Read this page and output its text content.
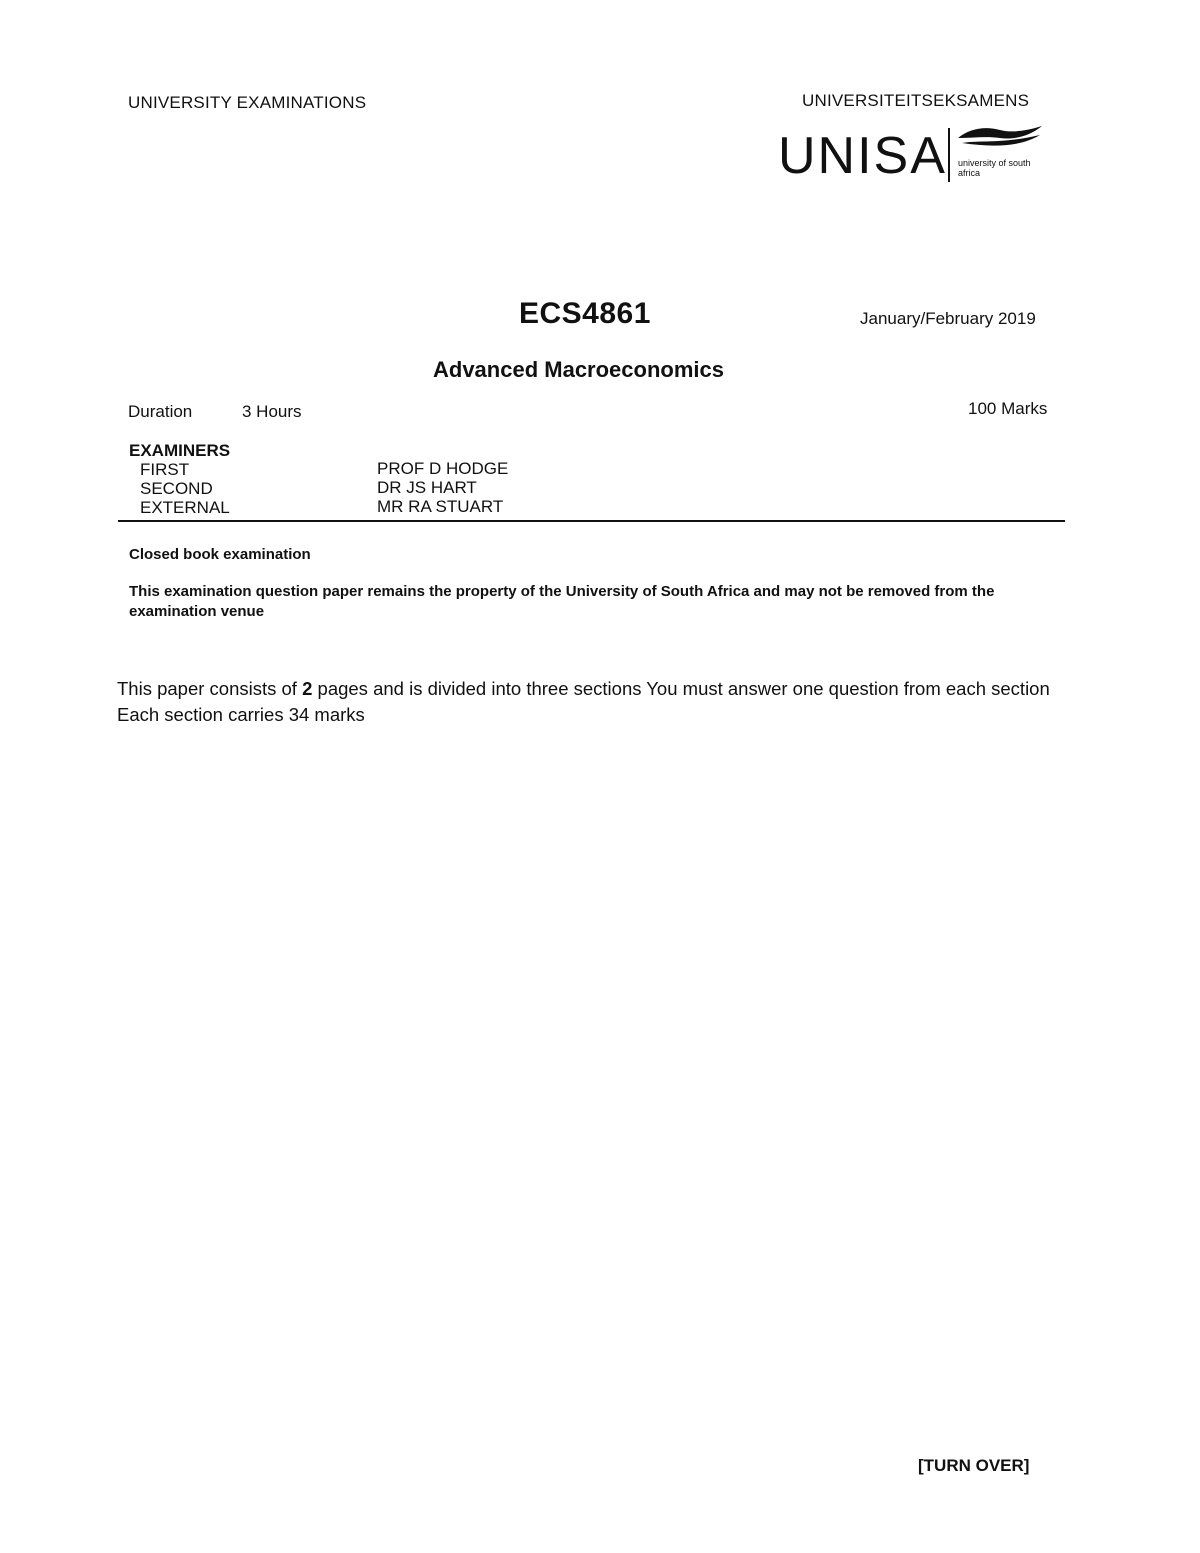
UNIVERSITY EXAMINATIONS	UNIVERSITEITSEKSAMENS
UNISA university of south africa
ECS4861	January/February 2019
Advanced Macroeconomics
Duration	3 Hours	100 Marks
EXAMINERS
FIRST	PROF D HODGE
SECOND	DR JS HART
EXTERNAL	MR RA STUART
Closed book examination
This examination question paper remains the property of the University of South Africa and may not be removed from the examination venue
This paper consists of 2 pages and is divided into three sections You must answer one question from each section Each section carries 34 marks
[TURN OVER]
